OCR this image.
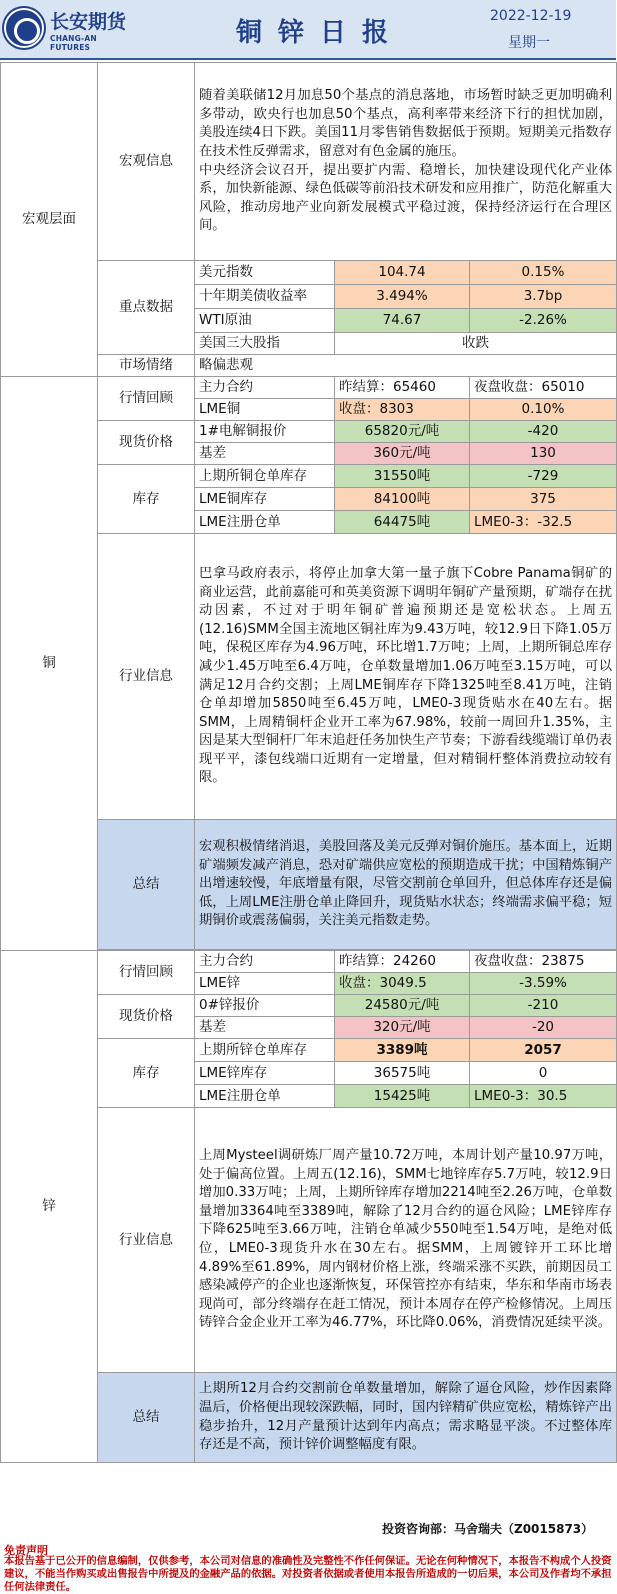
长安期货
CHANG-AN FUTURES	铜锌日报
2022-12-19
星期一
宏观层面	宏观信息	随着美联储12月加息50个基点的消息落地，市场暂时缺乏更加明确利多带动，欧央行也加息50个基点，高利率带来经济下行的担忧加剧，美股连续4日下跌。美国11月零售销售数据低于预期。短期美元指数存在技术性反弹需求，留意对有色金属的施压。
中央经济会议召开，提出要扩内需、稳增长，加快建设现代化产业体系，加快新能源、绿色低碳等前沿技术研发和应用推广，防范化解重大风险，推动房地产业向新发展模式平稳过渡，保持经济运行在合理区间。		

	重点数据	美元指数	104.74	0.15%
		十年期美债收益率	3.494%	3.7bp
		WTI原油	74.67	-2.26%
		美国三大股指	收跌	
	市场情绪	略偏悲观		
铜	行情回顾	主力合约	昨结算：65460	夜盘收盘：65010
		LME铜	收盘：8303	0.10%
	现货价格	1#电解铜报价	65820元/吨	-420
		基差	360元/吨	130
	库存	上期所铜仓单库存	31550吨	-729
		LME铜库存	84100吨	375
		LME注册仓单	64475吨	LME0-3：-32.5
	行业信息	巴拿马政府表示，将停止加拿大第一量子旗下Cobre Panama铜矿的商业运营，此前嘉能可和英美资源下调明年铜矿产量预期，矿端存在扰动因素，不过对于明年铜矿普遍预期还是宽松状态。上周五(12.16)SMM全国主流地区铜社库为9.43万吨，较12.9日下降1.05万吨，保税区库存为4.96万吨，环比增1.7万吨；上周，上期所铜总库存减少1.45万吨至6.4万吨，仓单数量增加1.06万吨至3.15万吨，可以满足12月合约交割；上周LME铜库存下降1325吨至8.41万吨，注销仓单却增加5850吨至6.45万吨，LME0-3现货贴水在40左右。据SMM，上周精铜杆企业开工率为67.98%，较前一周回升1.35%，主因是某大型铜杆厂年末追赶任务加快生产节奏；下游看线缆端订单仍表现平平，漆包线端口近期有一定增量，但对精铜杆整体消费拉动较有限。		
	总结	宏观积极情绪消退，美股回落及美元反弹对铜价施压。基本面上，近期矿端频发减产消息，恐对矿端供应宽松的预期造成干扰；中国精炼铜产出增速较慢，年底增量有限，尽管交割前仓单回升，但总体库存还是偏低，上周LME注册仓单止降回升，现货贴水状态；终端需求偏平稳；短期铜价或震荡偏弱，关注美元指数走势。		

锌	行情回顾	主力合约	昨结算：24260	夜盘收盘：23875
		LME锌	收盘：3049.5	-3.59%
	现货价格	0#锌报价	24580元/吨	-210
		基差	320元/吨	-20
	库存	上期所锌仓单库存	3389吨	2057
		LME锌库存	36575吨	0
		LME注册仓单	15425吨	LME0-3：30.5
	行业信息	上周Mysteel调研炼厂周产量10.72万吨，本周计划产量10.97万吨，处于偏高位置。上周五(12.16)，SMM七地锌库存5.7万吨，较12.9日增加0.33万吨；上周，上期所锌库存增加2214吨至2.26万吨，仓单数量增加3364吨至3389吨，解除了12月合约的逼仓风险；LME锌库存下降625吨至3.66万吨，注销仓单减少550吨至1.54万吨，是绝对低位，LME0-3现货升水在30左右。据SMM，上周镀锌开工环比增4.89%至61.89%，周内钢材价格上涨，终端采涨不买跌，前期因员工感染减停产的企业也逐渐恢复，环保管控亦有结束，华东和华南市场表现尚可，部分终端存在赶工情况，预计本周存在停产检修情况。上周压铸锌合金企业开工率为46.77%，环比降0.06%，消费情况延续平淡。		
	总结	上期所12月合约交割前仓单数量增加，解除了逼仓风险，炒作因素降温后，价格便出现较深跌幅，同时，国内锌精矿供应宽松，精炼锌产出稳步抬升，12月产量预计达到年内高点；需求略显平淡。不过整体库存还是不高，预计锌价调整幅度有限。		
投资咨询部：马舍瑞夫（Z0015873）
免责声明
本报告基于已公开的信息编制，仅供参考，本公司对信息的准确性及完整性不作任何保证。无论在何种情况下，本报告不构成个人投资建议，不能当作购买或出售报告中所提及的金融产品的依据。对投资者依据或者使用本报告所造成的一切后果，本公司及作者均不承担任何法律责任。
